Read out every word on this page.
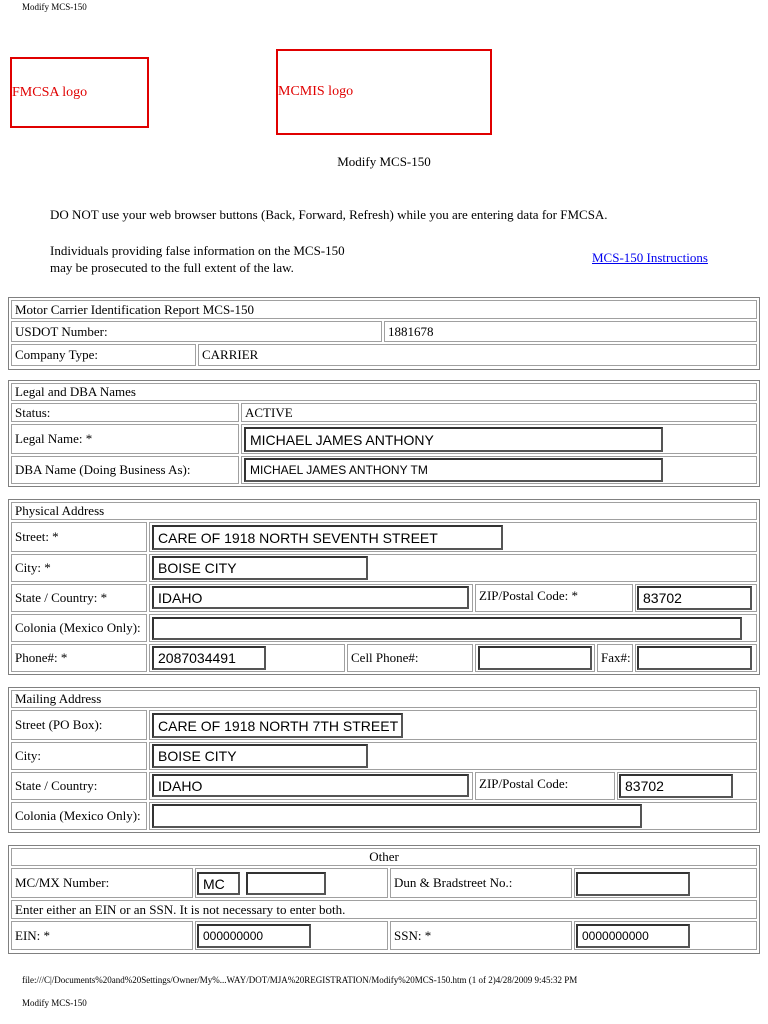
Modify MCS-150
FMCSA logo	MCMIS logo
Modify MCS-150
DO NOT use your web browser buttons (Back, Forward, Refresh) while you are entering data for FMCSA.
Individuals providing false information on the MCS-150
may be prosecuted to the full extent of the law.
MCS-150 Instructions
Motor Carrier Identification Report MCS-150
USDOT Number:	1881678
Company Type:	CARRIER
Legal and DBA Names
Status:	ACTIVE
Legal Name: *	MICHAEL JAMES ANTHONY
DBA Name (Doing Business As):	MICHAEL JAMES ANTHONY TM
Physical Address
Street: *	CARE OF 1918 NORTH SEVENTH STREET
City: *	BOISE CITY
State / Country: *	IDAHO	ZIP/Postal Code: *	83702
Colonia (Mexico Only):
Phone#: *	2087034491	Cell Phone#:	Fax#:
Mailing Address
Street (PO Box):	CARE OF 1918 NORTH 7TH STREET
City:	BOISE CITY
State / Country:	IDAHO	ZIP/Postal Code:	83702
Colonia (Mexico Only):
Other
MC/MX Number:	MC	Dun & Bradstreet No.:
Enter either an EIN or an SSN. It is not necessary to enter both.
EIN: *	000000000	SSN: *	0000000000
file:///C|/Documents%20and%20Settings/Owner/My%...WAY/DOT/MJA%20REGISTRATION/Modify%20MCS-150.htm (1 of 2)4/28/2009 9:45:32 PM
Modify MCS-150
